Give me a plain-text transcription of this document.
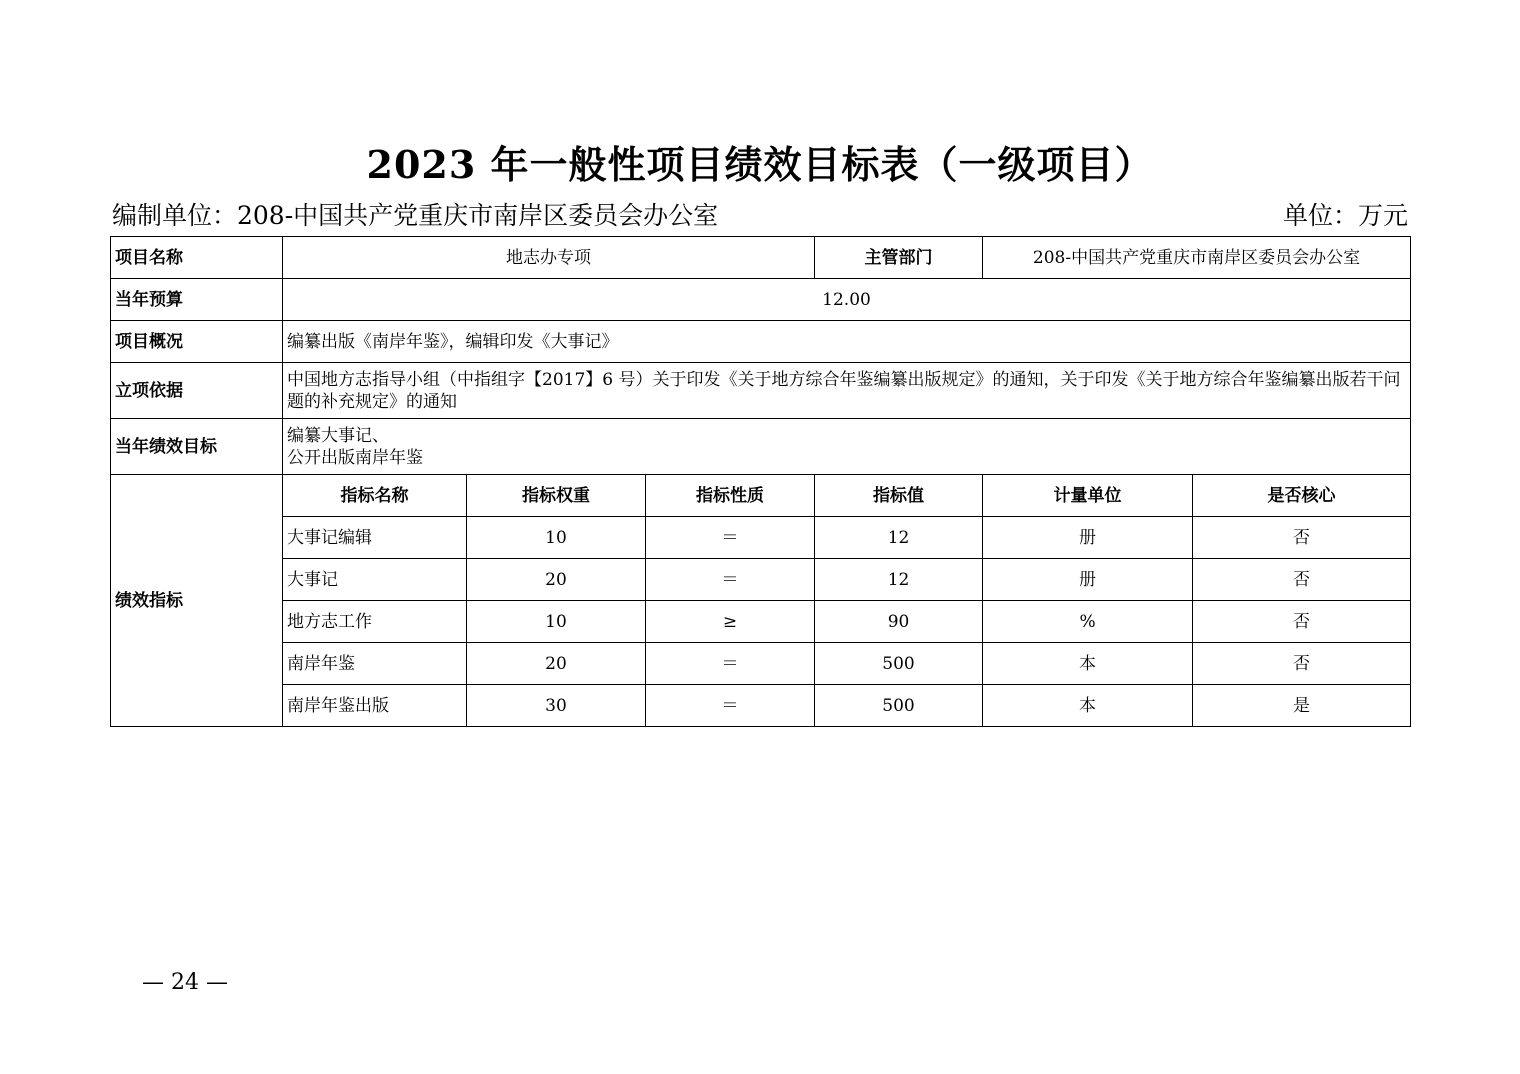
2023 年一般性项目绩效目标表（一级项目）
编制单位：208-中国共产党重庆市南岸区委员会办公室	单位：万元
项目名称	地志办专项			主管部门	208-中国共产党重庆市南岸区委员会办公室	
当年预算	12.00					
项目概况	编纂出版《南岸年鉴》，编辑印发《大事记》					
立项依据	中国地方志指导小组（中指组字【2017】6 号）关于印发《关于地方综合年鉴编纂出版规定》的通知，关于印发《关于地方综合年鉴编纂出版若干问题的补充规定》的通知					
当年绩效目标	编纂大事记、
公开出版南岸年鉴					

绩效指标	指标名称	指标权重	指标性质	指标值	计量单位	是否核心
	大事记编辑	10	＝	12	册	否
	大事记	20	＝	12	册	否
	地方志工作	10	≥	90	%	否
	南岸年鉴	20	＝	500	本	否
	南岸年鉴出版	30	＝	500	本	是
— 24 —
